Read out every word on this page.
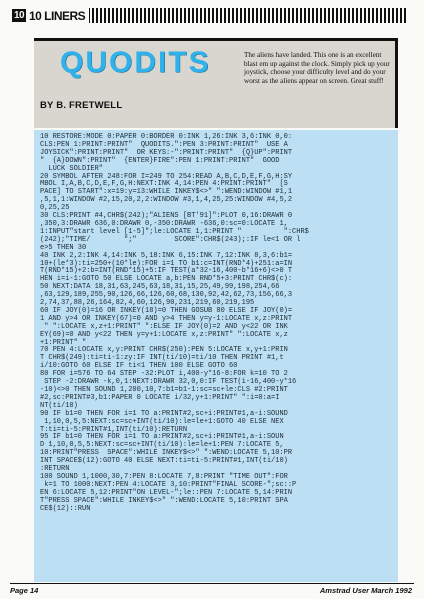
10 10 LINERS
QUODITS
BY B. FRETWELL
The aliens have landed. This one is an excellent blast em up against the clock. Simply pick up your joystick, choose your difficulty level and do your worst as the aliens appear on screen. Great stuff!
10 RESTORE:MODE 0:PAPER 0:BORDER 0:INK 1,26:INK 3,6:INK 0,0:
CLS:PEN 1:PRINT:PRINT"  QUODITS.":PEN 3:PRINT:PRINT"  USE A
JOYSICK":PRINT:PRINT"  OR KEYS:-":PRINT:PRINT"  {Q}UP":PRINT
"  {A}DOWN":PRINT"  {ENTER}FIRE":PEN 1:PRINT:PRINT"  GOOD
LUCK SOLDIER"
20 SYMBOL AFTER 248:FOR I=249 TO 254:READ A,B,C,D,E,F,G,H:SY
MBOL I,A,B,C,D,E,F,G,H:NEXT:INK 4,14:PEN 4:PRINT:PRINT"  [S
PACE] TO START":x=19:y=13:WHILE INKEY$<>" ":WEND:WINDOW #1,1
,5,1,1:WINDOW #2,15,20,2,2:WINDOW #3,1,4,25,25:WINDOW #4,5,2
0,25,25
30 CLS:PRINT #4,CHR$(242);"ALIENS [BT'91]":PLOT 0,16:DRAWR 0
,350,3:DRAWR 636,0:DRAWR 0,-350:DRAWR -636,0:sc=0:LOCATE 1,
1:INPUT"start level [1-5]";le:LOCATE 1,1:PRINT "          ":CHR$
(242);"TIME/        ";"         SCORE":CHR$(243);:IF le<1 OR l
e>5 THEN 30
40 INK 2,2:INK 4,14:INK 5,18:INK 6,15:INK 7,12:INK 8,3,6:b1=
10+(le*3):ti=250+(10*le):FOR i=1 TO b1:c=INT(RND*4)+251:a=IN
T(RND*15)+2:b=INT(RND*15)+5:IF TEST(a*32-16,400-b*16+6)<>0 T
HEN i=i-1:GOTO 50 ELSE LOCATE a,b:PEN RND*5+3:PRINT CHR$(c):
50 NEXT:DATA 18,31,63,245,63,18,31,15,25,49,99,198,254,66
,63,129,189,255,90,126,66,126,60,68,130,92,42,62,73,156,66,3
2,74,37,88,26,164,82,4,60,126,90,231,219,60,219,195
60 IF JOY(0)=16 OR INKEY(18)=0 THEN GOSUB 80 ELSE IF JOY(0)=
1 AND y>4 OR INKEY(67)=0 AND y>4 THEN y=y-1:LOCATE x,z:PRINT
" ":LOCATE x,z+1:PRINT" ":ELSE IF JOY(0)=2 AND y<22 OR INK
EY(69)=0 AND y<22 THEN y=y+1:LOCATE x,z:PRINT" ":LOCATE x,z
+1:PRINT" "
70 PEN 4:LOCATE x,y:PRINT CHR$(250):PEN 5:LOCATE x,y+1:PRIN
T CHR$(249):ti=ti-1:zy:IF INT(ti/10)=ti/10 THEN PRINT #1,t
i/10:GOTO 60 ELSE IF ti<1 THEN 100 ELSE GOTO 60
80 FOR i=576 TO 64 STEP -32:PLOT i,400-y*16-8:FOR k=10 TO 2
STEP -2:DRAWR -k,0,1:NEXT:DRAWR 32,0,0:IF TEST(i-16,400-y*16
-10)<>0 THEN SOUND 1,200,10,7:b1=b1-1:sc=sc+le:CLS #2:PRINT
#2,sc:PRINT#3,b1:PAPER 0 LOCATE i/32,y+1:PRINT" ":i=0:a=I
NT(ti/10)
90 IF b1=0 THEN FOR i=1 TO a:PRINT#2,sc+i:PRINT#1,a-i:SOUND
1,10,0,5,5:NEXT:sc=sc+INT(ti/10):le=le+1:GOTO 40 ELSE NEX
T:ti=ti-5:PRINT#1,INT(ti/10):RETURN
95 IF b1=0 THEN FOR i=1 TO a:PRINT#2,sc+i:PRINT#1,a-i:SOUN
D 1,10,0,5,5:NEXT:sc=sc+INT(ti/10):le=le+1:PEN 7:LOCATE 5,
10:PRINT"PRESS  SPACE":WHILE INKEY$<>" ":WEND:LOCATE 5,10:PR
INT SPACE$(12):GOTO 40 ELSE NEXT:ti=ti-5:PRINT#1,INT(ti/10)
:RETURN
100 SOUND 1,1000,30,7:PEN 8:LOCATE 7,8:PRINT "TIME OUT":FOR
k=1 TO 1000:NEXT:PEN 4:LOCATE 3,10:PRINT"FINAL SCORE-";sc::P
EN 6:LOCATE 5,12:PRINT"ON LEVEL-";le::PEN 7:LOCATE 5,14:PRIN
T"PRESS SPACE":WHILE INKEY$<>" ":WEND:LOCATE 5,10:PRINT SPA
CE$(12)::RUN

Page 14	Amstrad User March 1992
